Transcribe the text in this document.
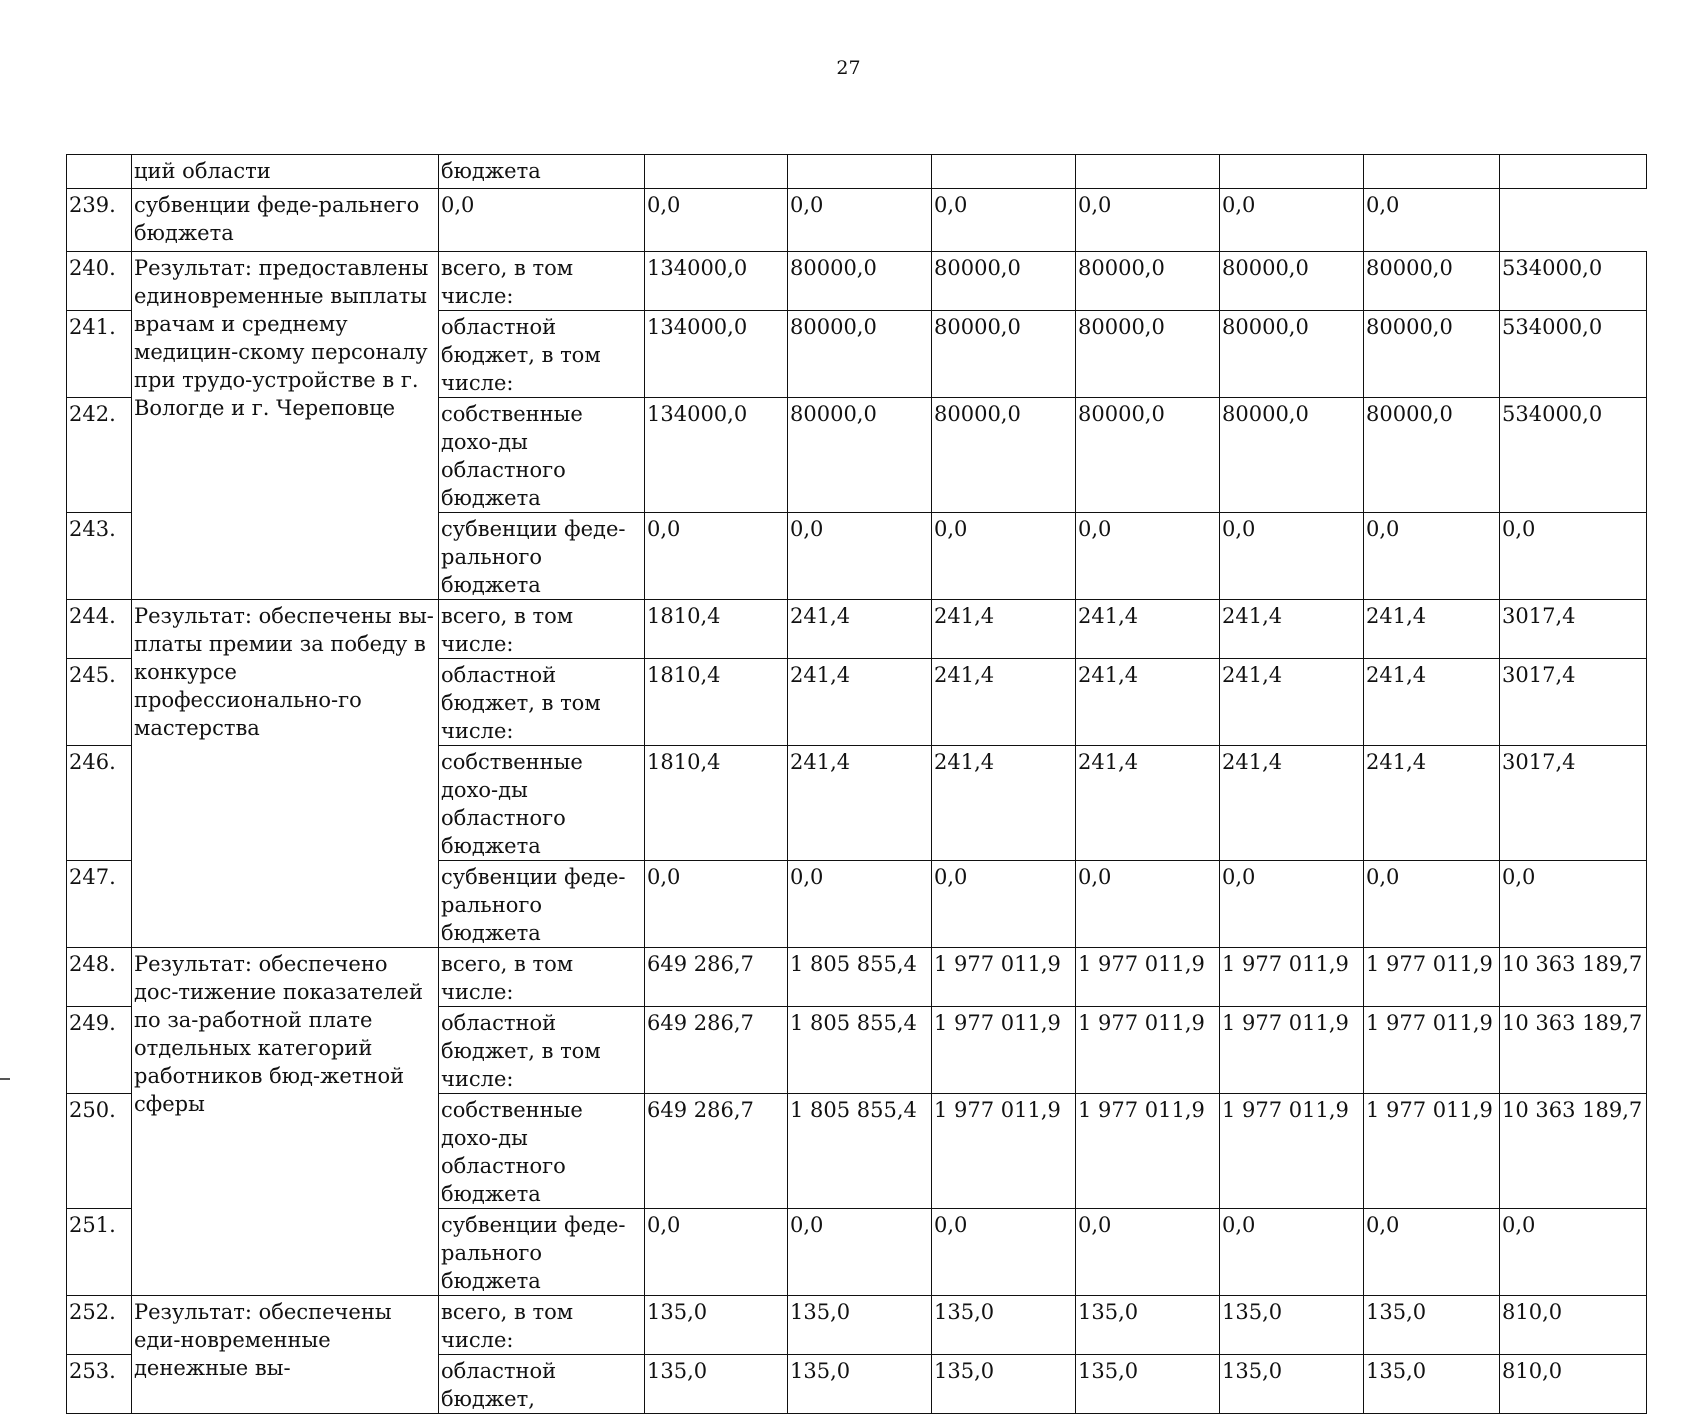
27
	ций области	бюджета							
239.	субвенции феде-ральнего бюджета	0,0	0,0	0,0	0,0	0,0	0,0	0,0	
240.	Результат: предоставлены единовременные выплаты врачам и среднему медицин-скому персоналу при трудо-устройстве в г. Вологде и г. Череповце	всего, в том числе:	134000,0	80000,0	80000,0	80000,0	80000,0	80000,0	534000,0
241.		областной бюджет, в том числе:	134000,0	80000,0	80000,0	80000,0	80000,0	80000,0	534000,0
242.		собственные дохо-ды областного бюджета	134000,0	80000,0	80000,0	80000,0	80000,0	80000,0	534000,0
243.		субвенции феде-рального бюджета	0,0	0,0	0,0	0,0	0,0	0,0	0,0
244.	Результат: обеспечены вы-платы премии за победу в конкурсе профессионально-го мастерства	всего, в том числе:	1810,4	241,4	241,4	241,4	241,4	241,4	3017,4
245.		областной бюджет, в том числе:	1810,4	241,4	241,4	241,4	241,4	241,4	3017,4
246.		собственные дохо-ды областного бюджета	1810,4	241,4	241,4	241,4	241,4	241,4	3017,4
247.		субвенции феде-рального бюджета	0,0	0,0	0,0	0,0	0,0	0,0	0,0
248.	Результат: обеспечено дос-тижение показателей по за-работной плате отдельных категорий работников бюд-жетной сферы	всего, в том числе:	649 286,7	1 805 855,4	1 977 011,9	1 977 011,9	1 977 011,9	1 977 011,9	10 363 189,7
249.		областной бюджет, в том числе:	649 286,7	1 805 855,4	1 977 011,9	1 977 011,9	1 977 011,9	1 977 011,9	10 363 189,7
250.		собственные дохо-ды областного бюджета	649 286,7	1 805 855,4	1 977 011,9	1 977 011,9	1 977 011,9	1 977 011,9	10 363 189,7
251.		субвенции феде-рального бюджета	0,0	0,0	0,0	0,0	0,0	0,0	0,0
252.	Результат: обеспечены еди-новременные денежные вы-	всего, в том числе:	135,0	135,0	135,0	135,0	135,0	135,0	810,0
253.		областной бюджет,	135,0	135,0	135,0	135,0	135,0	135,0	810,0
